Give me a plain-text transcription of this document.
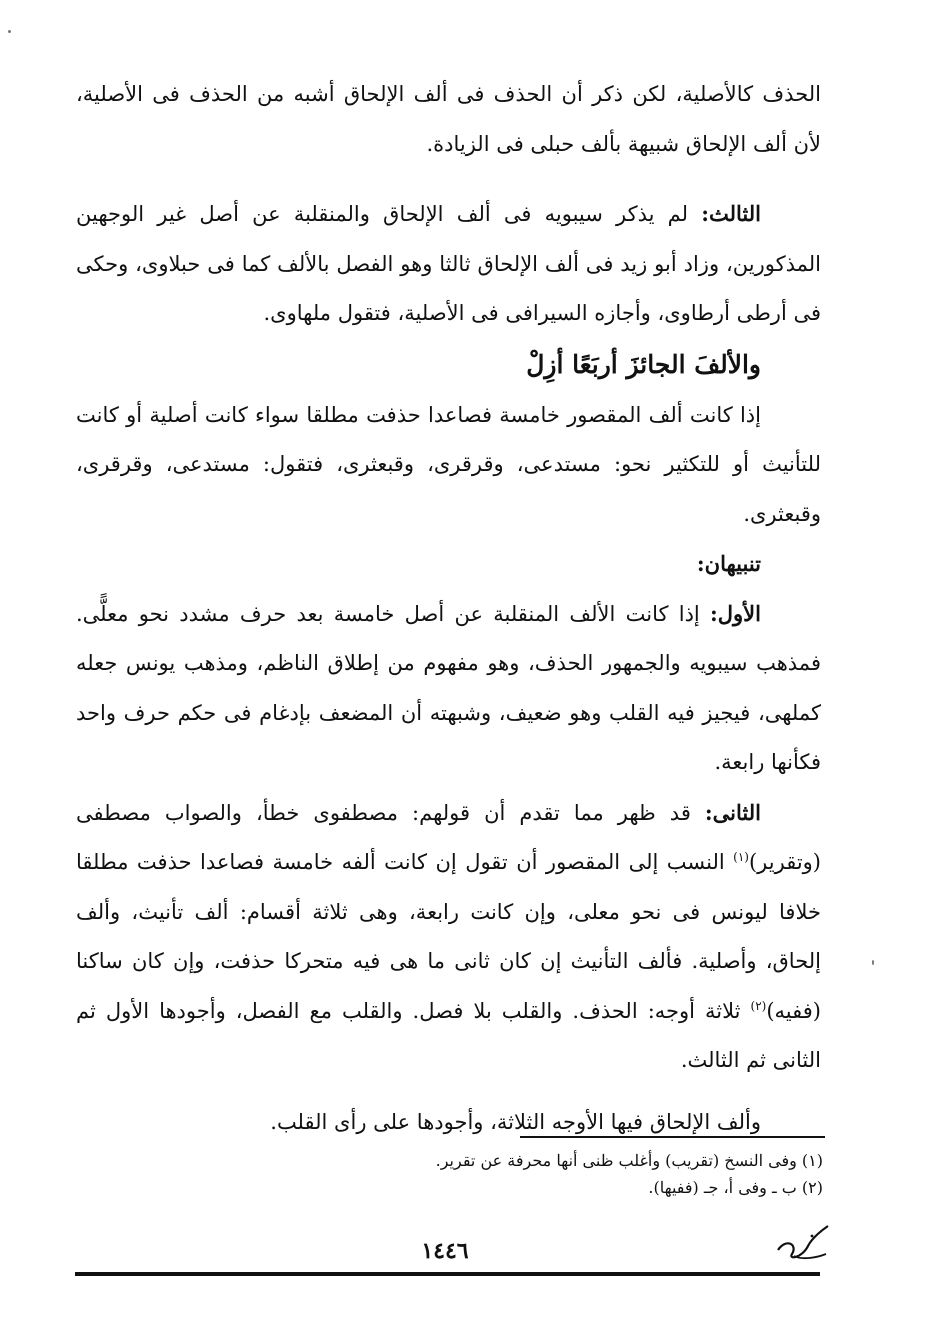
الحذف كالأصلية، لكن ذكر أن الحذف فى ألف الإلحاق أشبه من الحذف فى الأصلية، لأن ألف الإلحاق شبيهة بألف حبلى فى الزيادة.

الثالث: لم يذكر سيبويه فى ألف الإلحاق والمنقلبة عن أصل غير الوجهين المذكورين، وزاد أبو زيد فى ألف الإلحاق ثالثا وهو الفصل بالألف كما فى حبلاوى، وحكى فى أرطى أرطاوى، وأجازه السيرافى فى الأصلية، فتقول ملهاوى.

والألفَ الجائزَ أربَعًا أزِلْ

إذا كانت ألف المقصور خامسة فصاعدا حذفت مطلقا سواء كانت أصلية أو كانت للتأنيث أو للتكثير نحو: مستدعى، وقرقرى، وقبعثرى، فتقول: مستدعى، وقرقرى، وقبعثرى.

تنبيهان:

الأول: إذا كانت الألف المنقلبة عن أصل خامسة بعد حرف مشدد نحو معلًّى. فمذهب سيبويه والجمهور الحذف، وهو مفهوم من إطلاق الناظم، ومذهب يونس جعله كملهى، فيجيز فيه القلب وهو ضعيف، وشبهته أن المضعف بإدغام فى حكم حرف واحد فكأنها رابعة.

الثانى: قد ظهر مما تقدم أن قولهم: مصطفوى خطأ، والصواب مصطفى (وتقرير)$^{(١)}$ النسب إلى المقصور أن تقول إن كانت ألفه خامسة فصاعدا حذفت مطلقا خلافا ليونس فى نحو معلى، وإن كانت رابعة، وهى ثلاثة أقسام: ألف تأنيث، وألف إلحاق، وأصلية. فألف التأنيث إن كان ثانى ما هى فيه متحركا حذفت، وإن كان ساكنا (ففيه)$^{(٢)}$ ثلاثة أوجه: الحذف. والقلب بلا فصل. والقلب مع الفصل، وأجودها الأول ثم الثانى ثم الثالث.

وألف الإلحاق فيها الأوجه الثلاثة، وأجودها على رأى القلب.

(١) وفى النسخ (تقريب) وأغلب ظنى أنها محرفة عن تقرير.

(٢) ب ـ وفى أ، جـ (ففيها).

١٤٤٦
